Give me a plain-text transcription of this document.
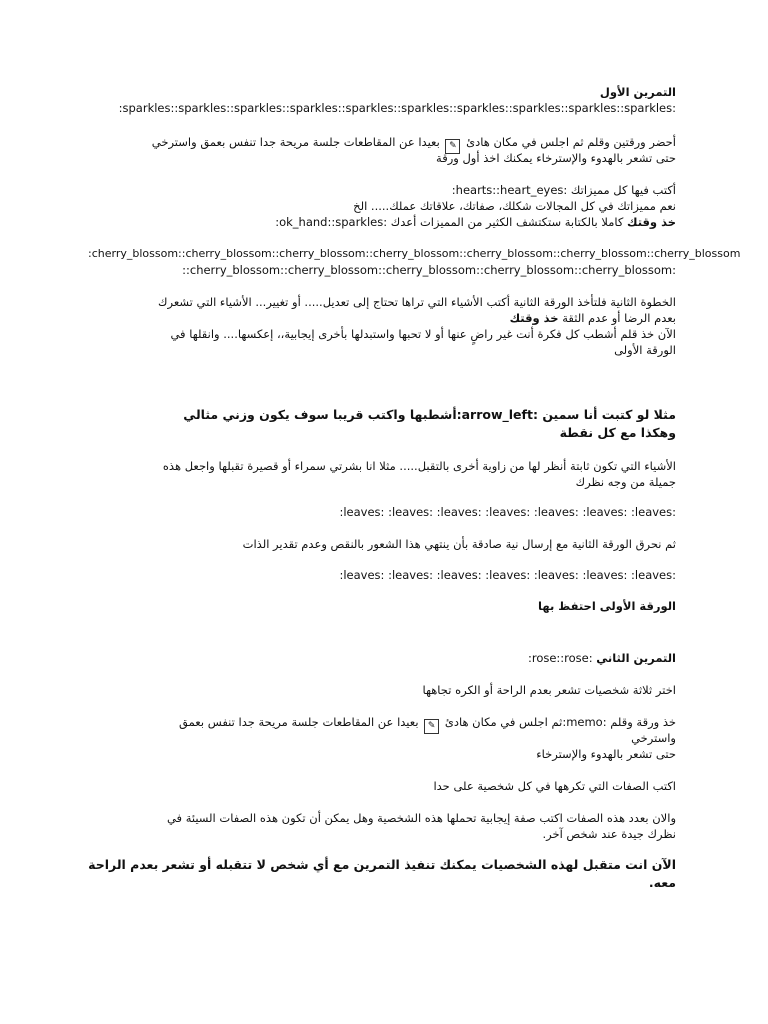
التمرين الأول

:sparkles::sparkles::sparkles::sparkles::sparkles::sparkles::sparkles::sparkles::sparkles::sparkles:

أحضر ورقتين وقلم ثم اجلس في مكان هادئ ✎ بعيدا عن المقاطعات جلسة مريحة جدا تنفس بعمق واسترخي

حتى تشعر بالهدوء والإسترخاء يمكنك اخذ أول ورقة

أكتب فيها كل مميزاتك :hearts::heart_eyes:

نعم مميزاتك في كل المجالات شكلك، صفاتك، علاقاتك عملك..... الخ

خذ وقتك كاملا بالكتابة ستكتشف الكثير من المميزات أعدك :ok_hand::sparkles:

:cherry_blossom::cherry_blossom::cherry_blossom::cherry_blossom::cherry_blossom::cherry_blossom::cherry_blossom

::cherry_blossom::cherry_blossom::cherry_blossom::cherry_blossom::cherry_blossom:

الخطوة الثانية فلتأخذ الورقة الثانية أكتب الأشياء التي تراها تحتاج إلى تعديل..... أو تغيير... الأشياء التي تشعرك

بعدم الرضا أو عدم الثقة خذ وقتك

الآن خذ قلم أشطب كل فكرة أنت غير راضٍ عنها أو لا تحبها واستبدلها بأخرى إيجابية،، إعكسها.... وانقلها في

الورقة الأولى

مثلا لو كتبت أنا سمين :arrow_left:أشطبها واكتب قريبا سوف يكون وزني مثالي

وهكذا مع كل نقطة

الأشياء التي تكون ثابتة أنظر لها من زاوية أخرى بالتقبل..... مثلا انا بشرتي سمراء أو قصيرة تقبلها واجعل هذه

جميلة من وجه نظرك

:leaves: :leaves: :leaves: :leaves: :leaves: :leaves: :leaves:

ثم نحرق الورقة الثانية مع إرسال نية صادقة بأن ينتهي هذا الشعور بالنقص وعدم تقدير الذات

:leaves: :leaves: :leaves: :leaves: :leaves: :leaves: :leaves:

الورقة الأولى احتفظ بها

التمرين الثاني :rose::rose:

اختر ثلاثة شخصيات تشعر بعدم الراحة أو الكره تجاهها

خذ ورقة وقلم :memo:ثم اجلس في مكان هادئ ✎ بعيدا عن المقاطعات جلسة مريحة جدا تنفس بعمق

واسترخي

حتى تشعر بالهدوء والإسترخاء

اكتب الصفات التي تكرهها في كل شخصية على حدا

والان بعدد هذه الصفات اكتب صفة إيجابية تحملها هذه الشخصية وهل يمكن أن تكون هذه الصفات السيئة في

نظرك جيدة عند شخص آخر.

الآن انت متقبل لهذه الشخصيات يمكنك تنفيذ التمرين مع أي شخص لا تتقبله أو تشعر بعدم الراحة

معه.
